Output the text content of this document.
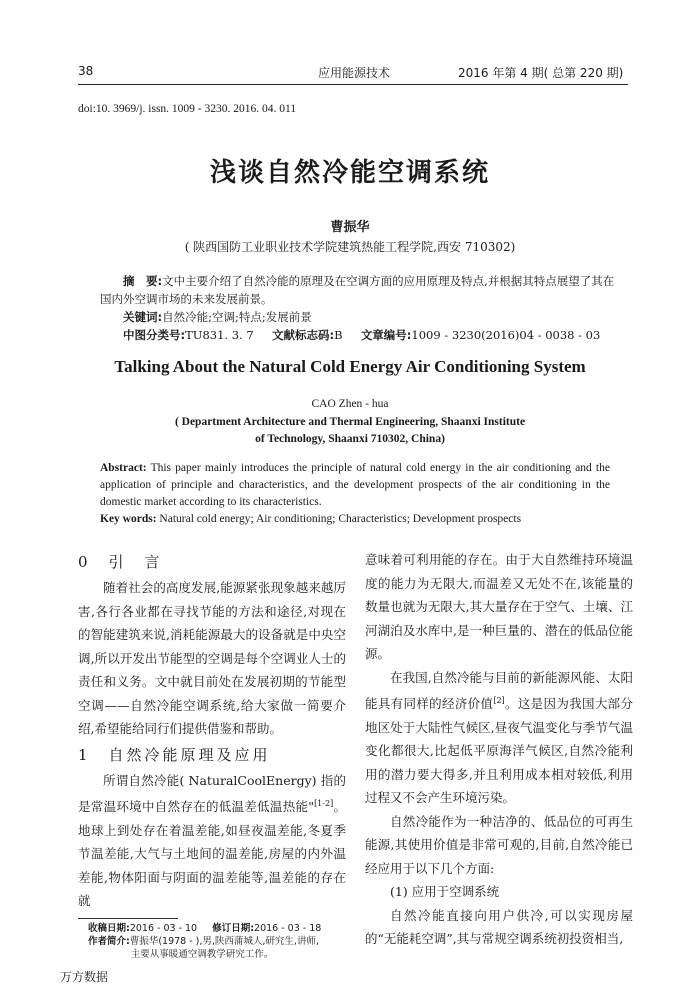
38	应用能源技术	2016 年第 4 期( 总第 220 期)
doi:10. 3969/j. issn. 1009 - 3230. 2016. 04. 011
浅谈自然冷能空调系统
曹振华
( 陕西国防工业职业技术学院建筑热能工程学院,西安 710302)
摘　要:文中主要介绍了自然冷能的原理及在空调方面的应用原理及特点,并根据其特点展望了其在国内外空调市场的未来发展前景。
关键词:自然冷能;空调;特点;发展前景
中图分类号:TU831. 3. 7 文献标志码:B 文章编号:1009 - 3230(2016)04 - 0038 - 03
Talking About the Natural Cold Energy Air Conditioning System
CAO Zhen - hua
( Department Architecture and Thermal Engineering, Shaanxi Institute
of Technology, Shaanxi 710302, China)
Abstract: This paper mainly introduces the principle of natural cold energy in the air conditioning and the application of principle and characteristics, and the development prospects of the air conditioning in the domestic market according to its characteristics.
Key words: Natural cold energy; Air conditioning; Characteristics; Development prospects
0　引　言

随着社会的高度发展,能源紧张现象越来越厉害,各行各业都在寻找节能的方法和途径,对现在的智能建筑来说,消耗能源最大的设备就是中央空调,所以开发出节能型的空调是每个空调业人士的责任和义务。文中就目前处在发展初期的节能型空调——自然冷能空调系统,给大家做一简要介绍,希望能给同行们提供借鉴和帮助。

1　自然冷能原理及应用

所谓自然冷能( NaturalCoolEnergy) 指的是常温环境中自然存在的低温差低温热能"[1-2]。地球上到处存在着温差能,如昼夜温差能,冬夏季节温差能,大气与土地间的温差能,房屋的内外温差能,物体阳面与阴面的温差能等,温差能的存在就

意味着可利用能的存在。由于大自然维持环境温度的能力为无限大,而温差又无处不在,该能量的数量也就为无限大,其大量存在于空气、土壤、江河湖泊及水库中,是一种巨量的、潜在的低品位能源。

在我国,自然冷能与目前的新能源风能、太阳能具有同样的经济价值[2]。这是因为我国大部分地区处于大陆性气候区,昼夜气温变化与季节气温变化都很大,比起低平原海洋气候区,自然冷能利用的潜力要大得多,并且利用成本相对较低,利用过程又不会产生环境污染。

自然冷能作为一种洁净的、低品位的可再生能源,其使用价值是非常可观的,目前,自然冷能已经应用于以下几个方面:

(1) 应用于空调系统

自然冷能直接向用户供冷,可以实现房屋的“无能耗空调”,其与常规空调系统初投资相当,

收稿日期:2016 - 03 - 10 修订日期:2016 - 03 - 18
作者简介:曹振华(1978 - ),男,陕西蒲城人,研究生,讲师,
主要从事暖通空调教学研究工作。
万方数据
